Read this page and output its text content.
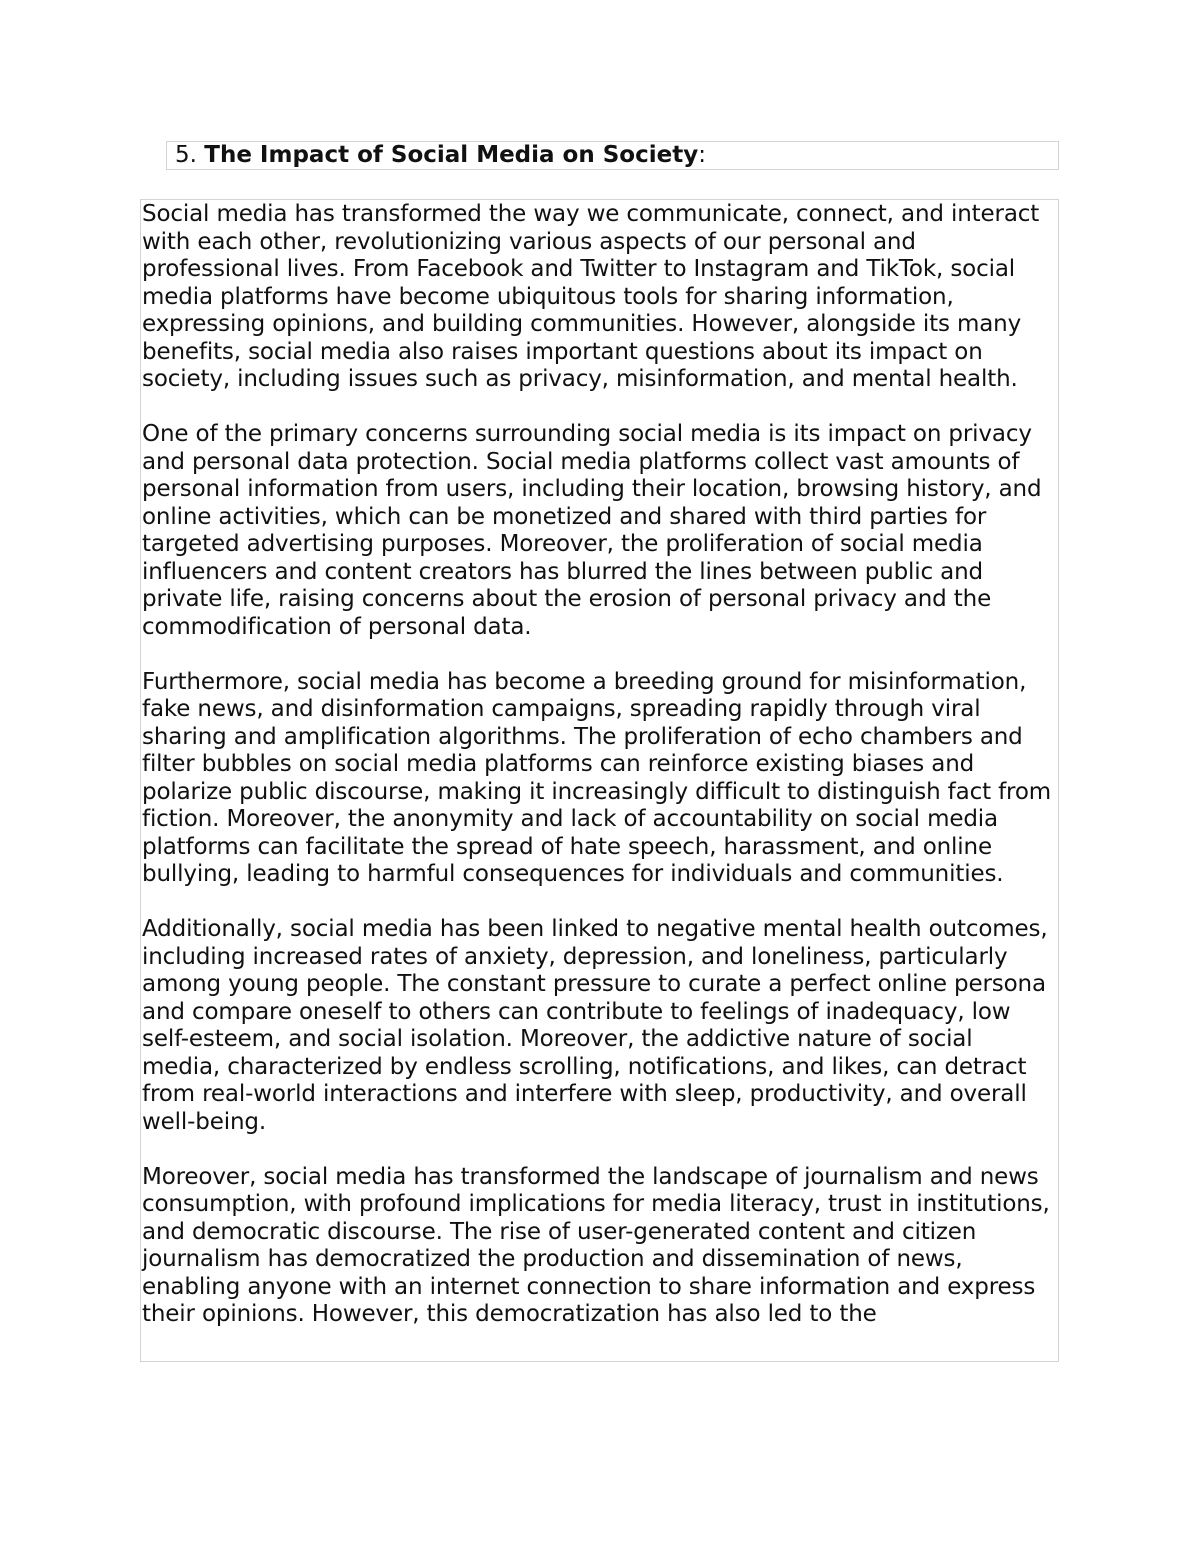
5. The Impact of Social Media on Society:

Social media has transformed the way we communicate, connect, and interact with each other, revolutionizing various aspects of our personal and professional lives. From Facebook and Twitter to Instagram and TikTok, social media platforms have become ubiquitous tools for sharing information, expressing opinions, and building communities. However, alongside its many benefits, social media also raises important questions about its impact on society, including issues such as privacy, misinformation, and mental health.

One of the primary concerns surrounding social media is its impact on privacy and personal data protection. Social media platforms collect vast amounts of personal information from users, including their location, browsing history, and online activities, which can be monetized and shared with third parties for targeted advertising purposes. Moreover, the proliferation of social media influencers and content creators has blurred the lines between public and private life, raising concerns about the erosion of personal privacy and the commodification of personal data.

Furthermore, social media has become a breeding ground for misinformation, fake news, and disinformation campaigns, spreading rapidly through viral sharing and amplification algorithms. The proliferation of echo chambers and filter bubbles on social media platforms can reinforce existing biases and polarize public discourse, making it increasingly difficult to distinguish fact from fiction. Moreover, the anonymity and lack of accountability on social media platforms can facilitate the spread of hate speech, harassment, and online bullying, leading to harmful consequences for individuals and communities.

Additionally, social media has been linked to negative mental health outcomes, including increased rates of anxiety, depression, and loneliness, particularly among young people. The constant pressure to curate a perfect online persona and compare oneself to others can contribute to feelings of inadequacy, low self-esteem, and social isolation. Moreover, the addictive nature of social media, characterized by endless scrolling, notifications, and likes, can detract from real-world interactions and interfere with sleep, productivity, and overall well-being.

Moreover, social media has transformed the landscape of journalism and news consumption, with profound implications for media literacy, trust in institutions, and democratic discourse. The rise of user-generated content and citizen journalism has democratized the production and dissemination of news, enabling anyone with an internet connection to share information and express their opinions. However, this democratization has also led to the
